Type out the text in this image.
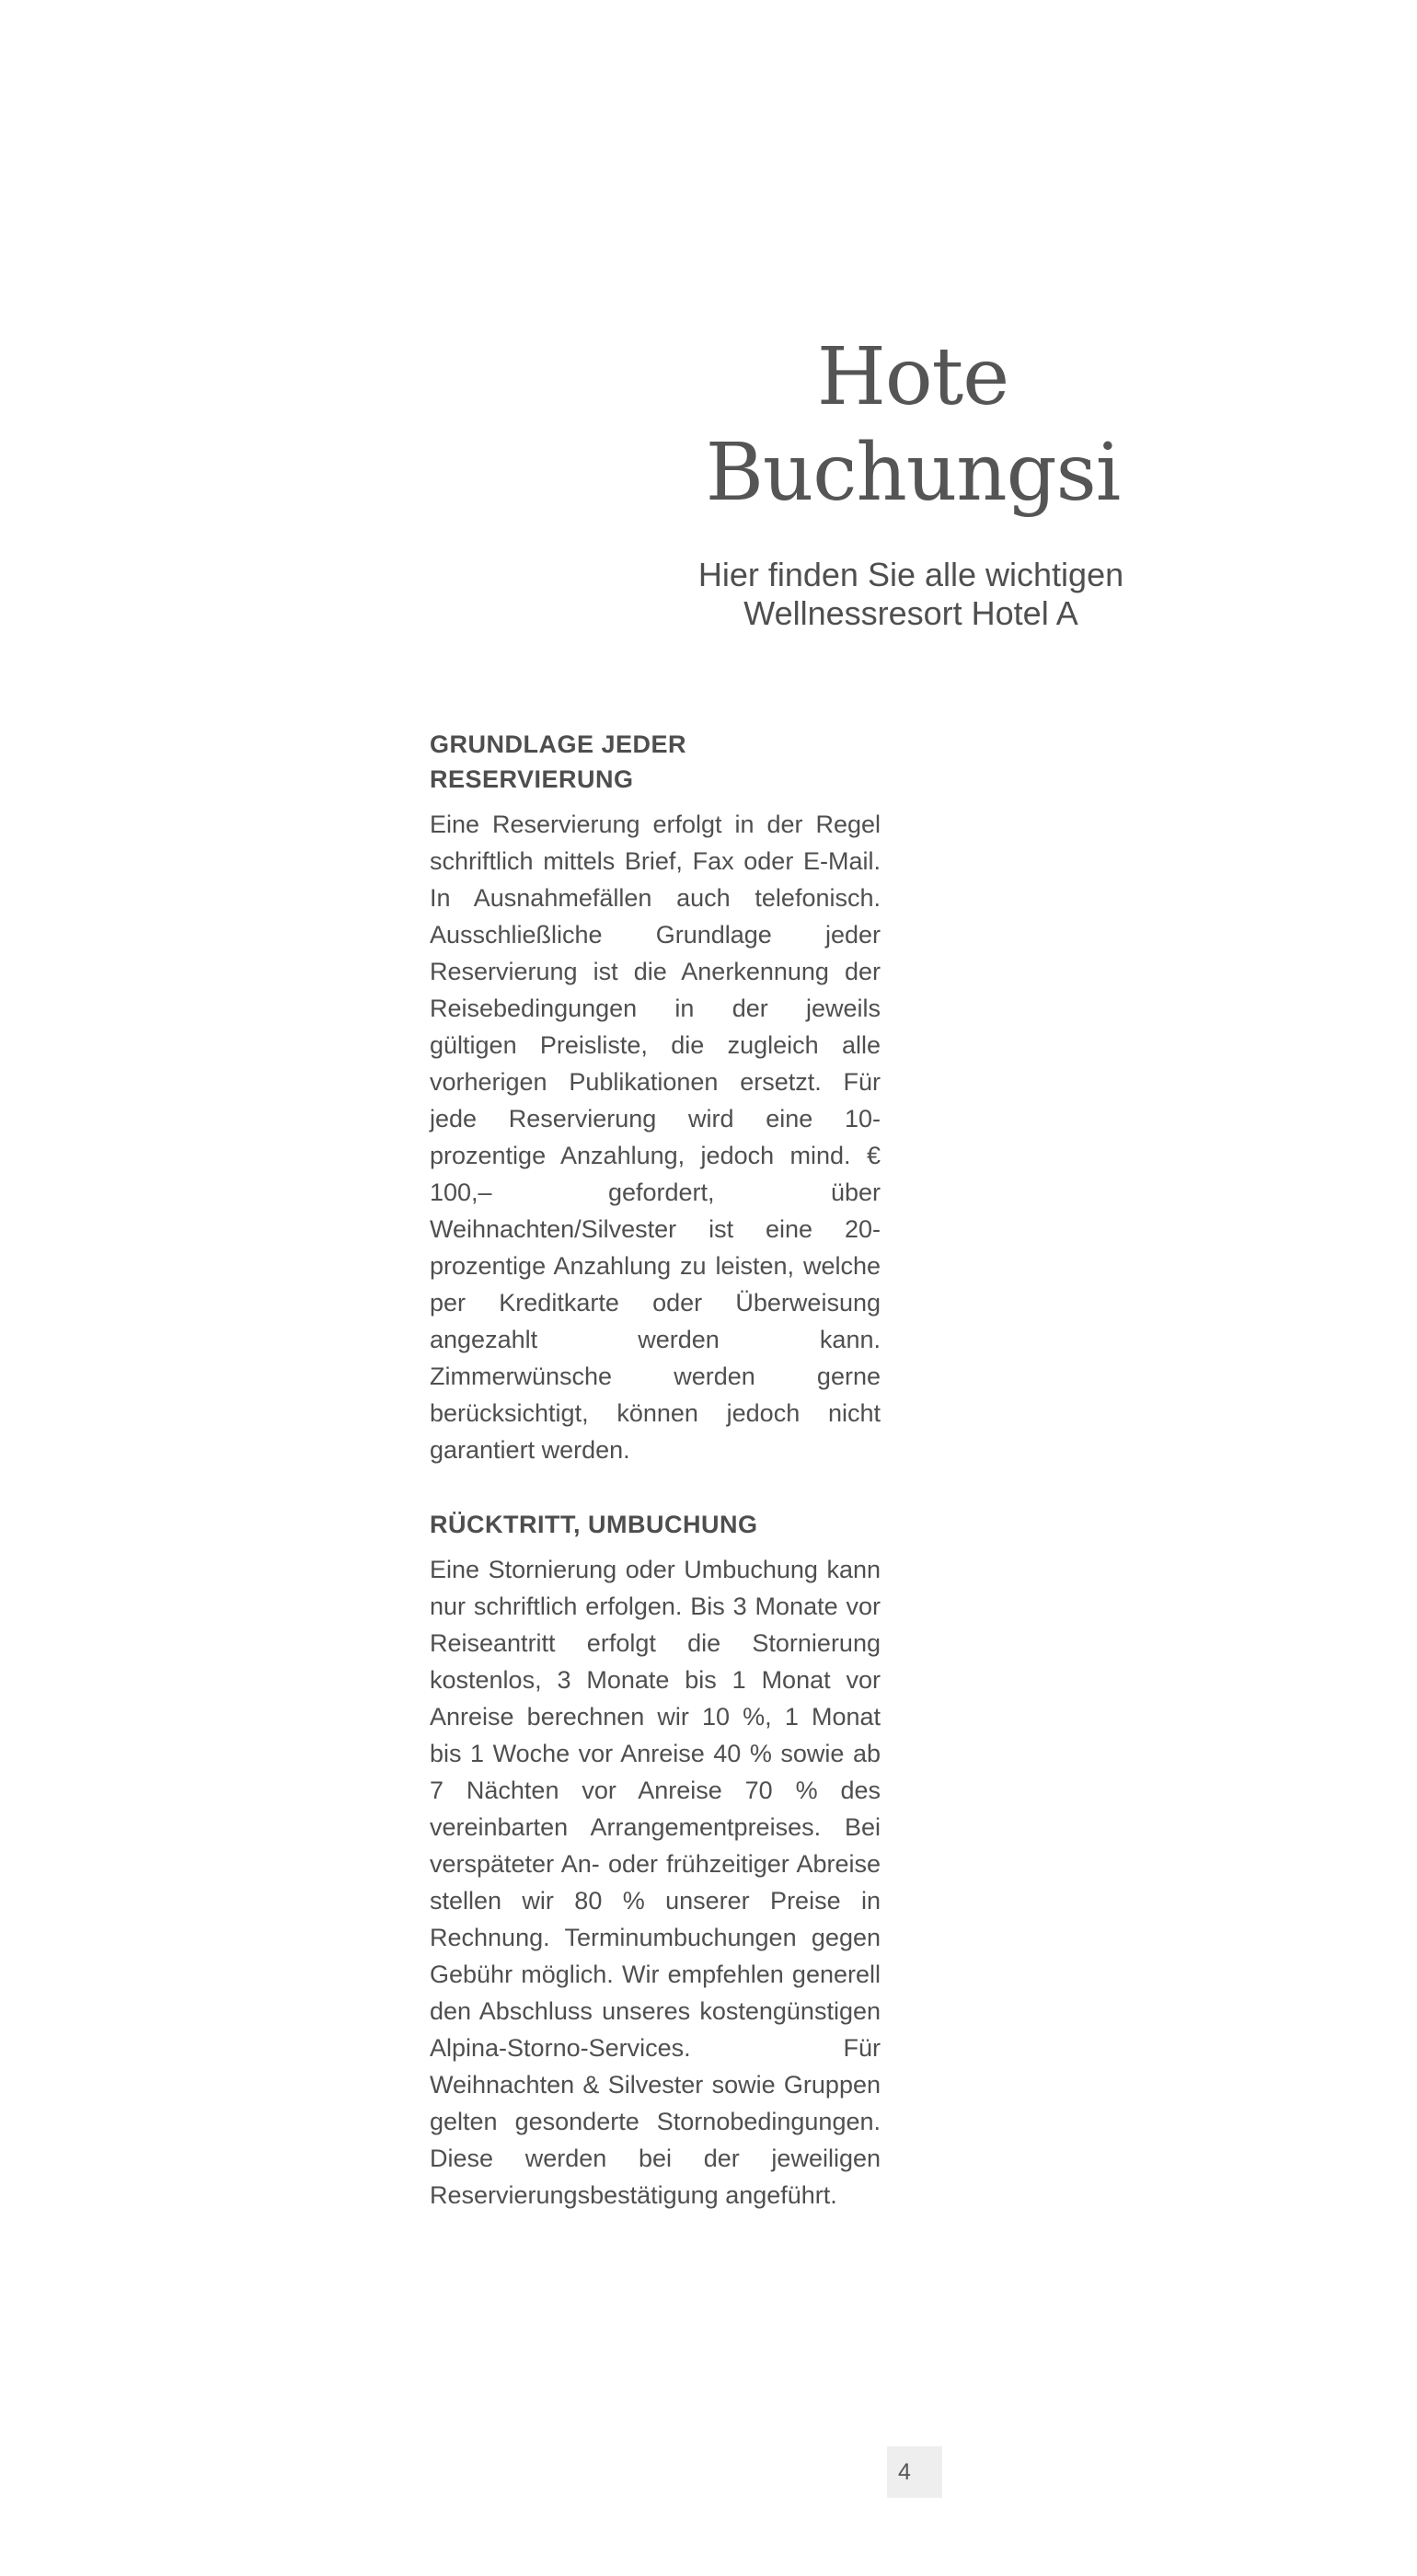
Hote
Buchungsi

Hier finden Sie alle wichtigen
Wellnessresort Hotel A

GRUNDLAGE JEDER
RESERVIERUNG

Eine Reservierung erfolgt in der Regel schriftlich mittels Brief, Fax oder E-Mail. In Ausnahmefällen auch telefonisch. Ausschließliche Grundlage jeder Reservierung ist die Anerkennung der Reisebedingungen in der jeweils gültigen Preisliste, die zugleich alle vorherigen Publikationen ersetzt. Für jede Reservierung wird eine 10-prozentige Anzahlung, jedoch mind. € 100,– gefordert, über Weihnachten/Silvester ist eine 20-prozentige Anzahlung zu leisten, welche per Kreditkarte oder Überweisung angezahlt werden kann. Zimmerwünsche werden gerne berücksichtigt, können jedoch nicht garantiert werden.

RÜCKTRITT, UMBUCHUNG

Eine Stornierung oder Umbuchung kann nur schriftlich erfolgen. Bis 3 Monate vor Reiseantritt erfolgt die Stornierung kostenlos, 3 Monate bis 1 Monat vor Anreise berechnen wir 10 %, 1 Monat bis 1 Woche vor Anreise 40 % sowie ab 7 Nächten vor Anreise 70 % des vereinbarten Arrangementpreises. Bei verspäteter An- oder frühzeitiger Abreise stellen wir 80 % unserer Preise in Rechnung. Terminumbuchungen gegen Gebühr möglich. Wir empfehlen generell den Abschluss unseres kostengünstigen Alpina-Storno-Services. Für Weihnachten & Silvester sowie Gruppen gelten gesonderte Stornobedingungen. Diese werden bei der jeweiligen Reservierungsbestätigung angeführt.

4
